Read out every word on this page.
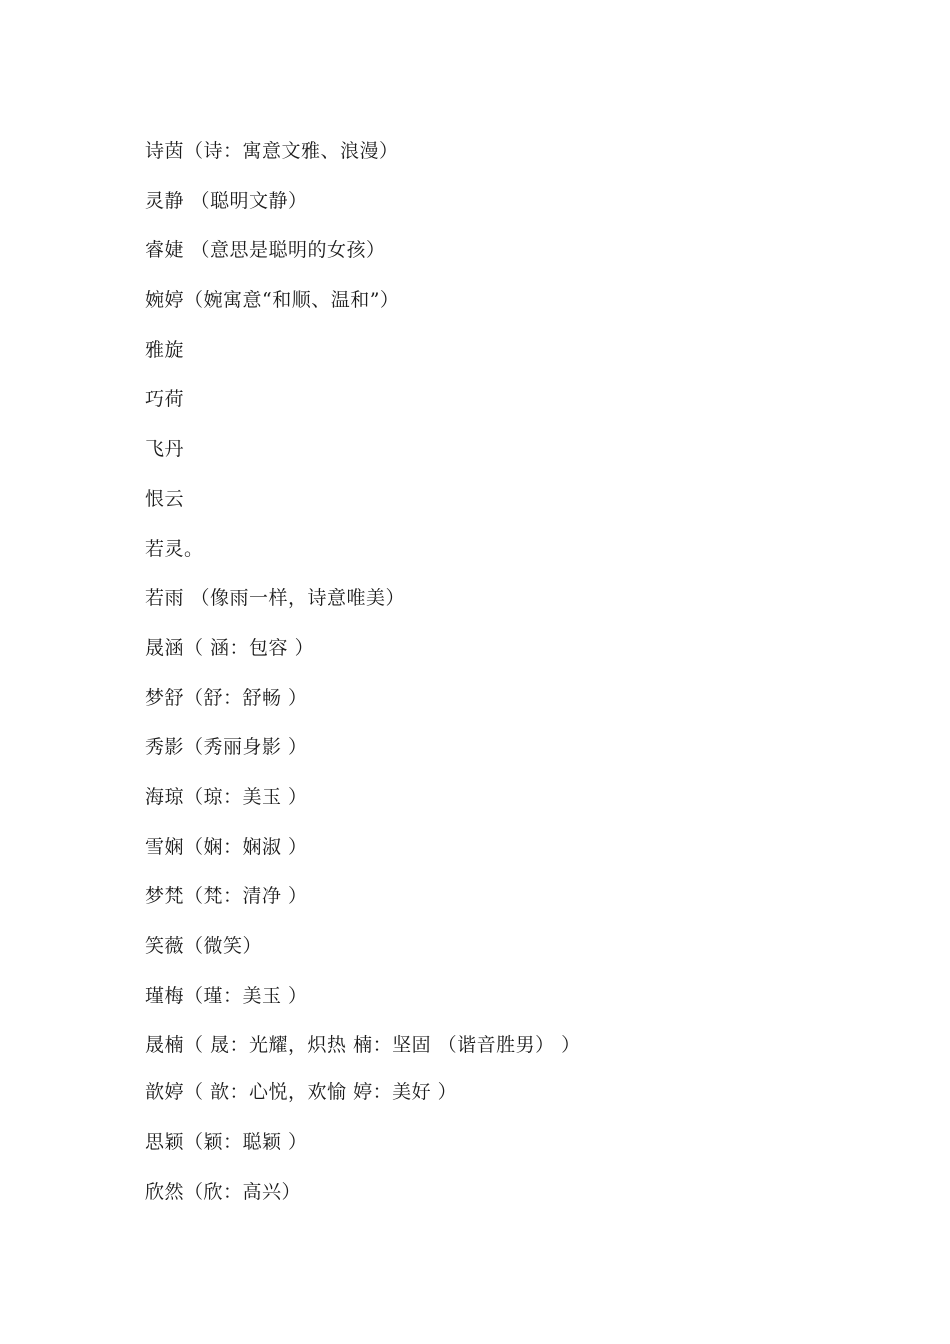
诗茵（诗：寓意文雅、浪漫）
灵静 （聪明文静）
睿婕 （意思是聪明的女孩）
婉婷（婉寓意“和顺、温和”）
雅旋
巧荷
飞丹
恨云
若灵。
若雨 （像雨一样，诗意唯美）
晟涵（ 涵：包容 ）
梦舒（舒：舒畅 ）
秀影（秀丽身影 ）
海琼（琼：美玉 ）
雪娴（娴：娴淑 ）
梦梵（梵：清净 ）
笑薇（微笑）
瑾梅（瑾：美玉 ）
晟楠（ 晟：光耀，炽热 楠：坚固 （谐音胜男） ）
歆婷（ 歆：心悦，欢愉 婷：美好 ）
思颖（颖：聪颖 ）
欣然（欣：高兴）
